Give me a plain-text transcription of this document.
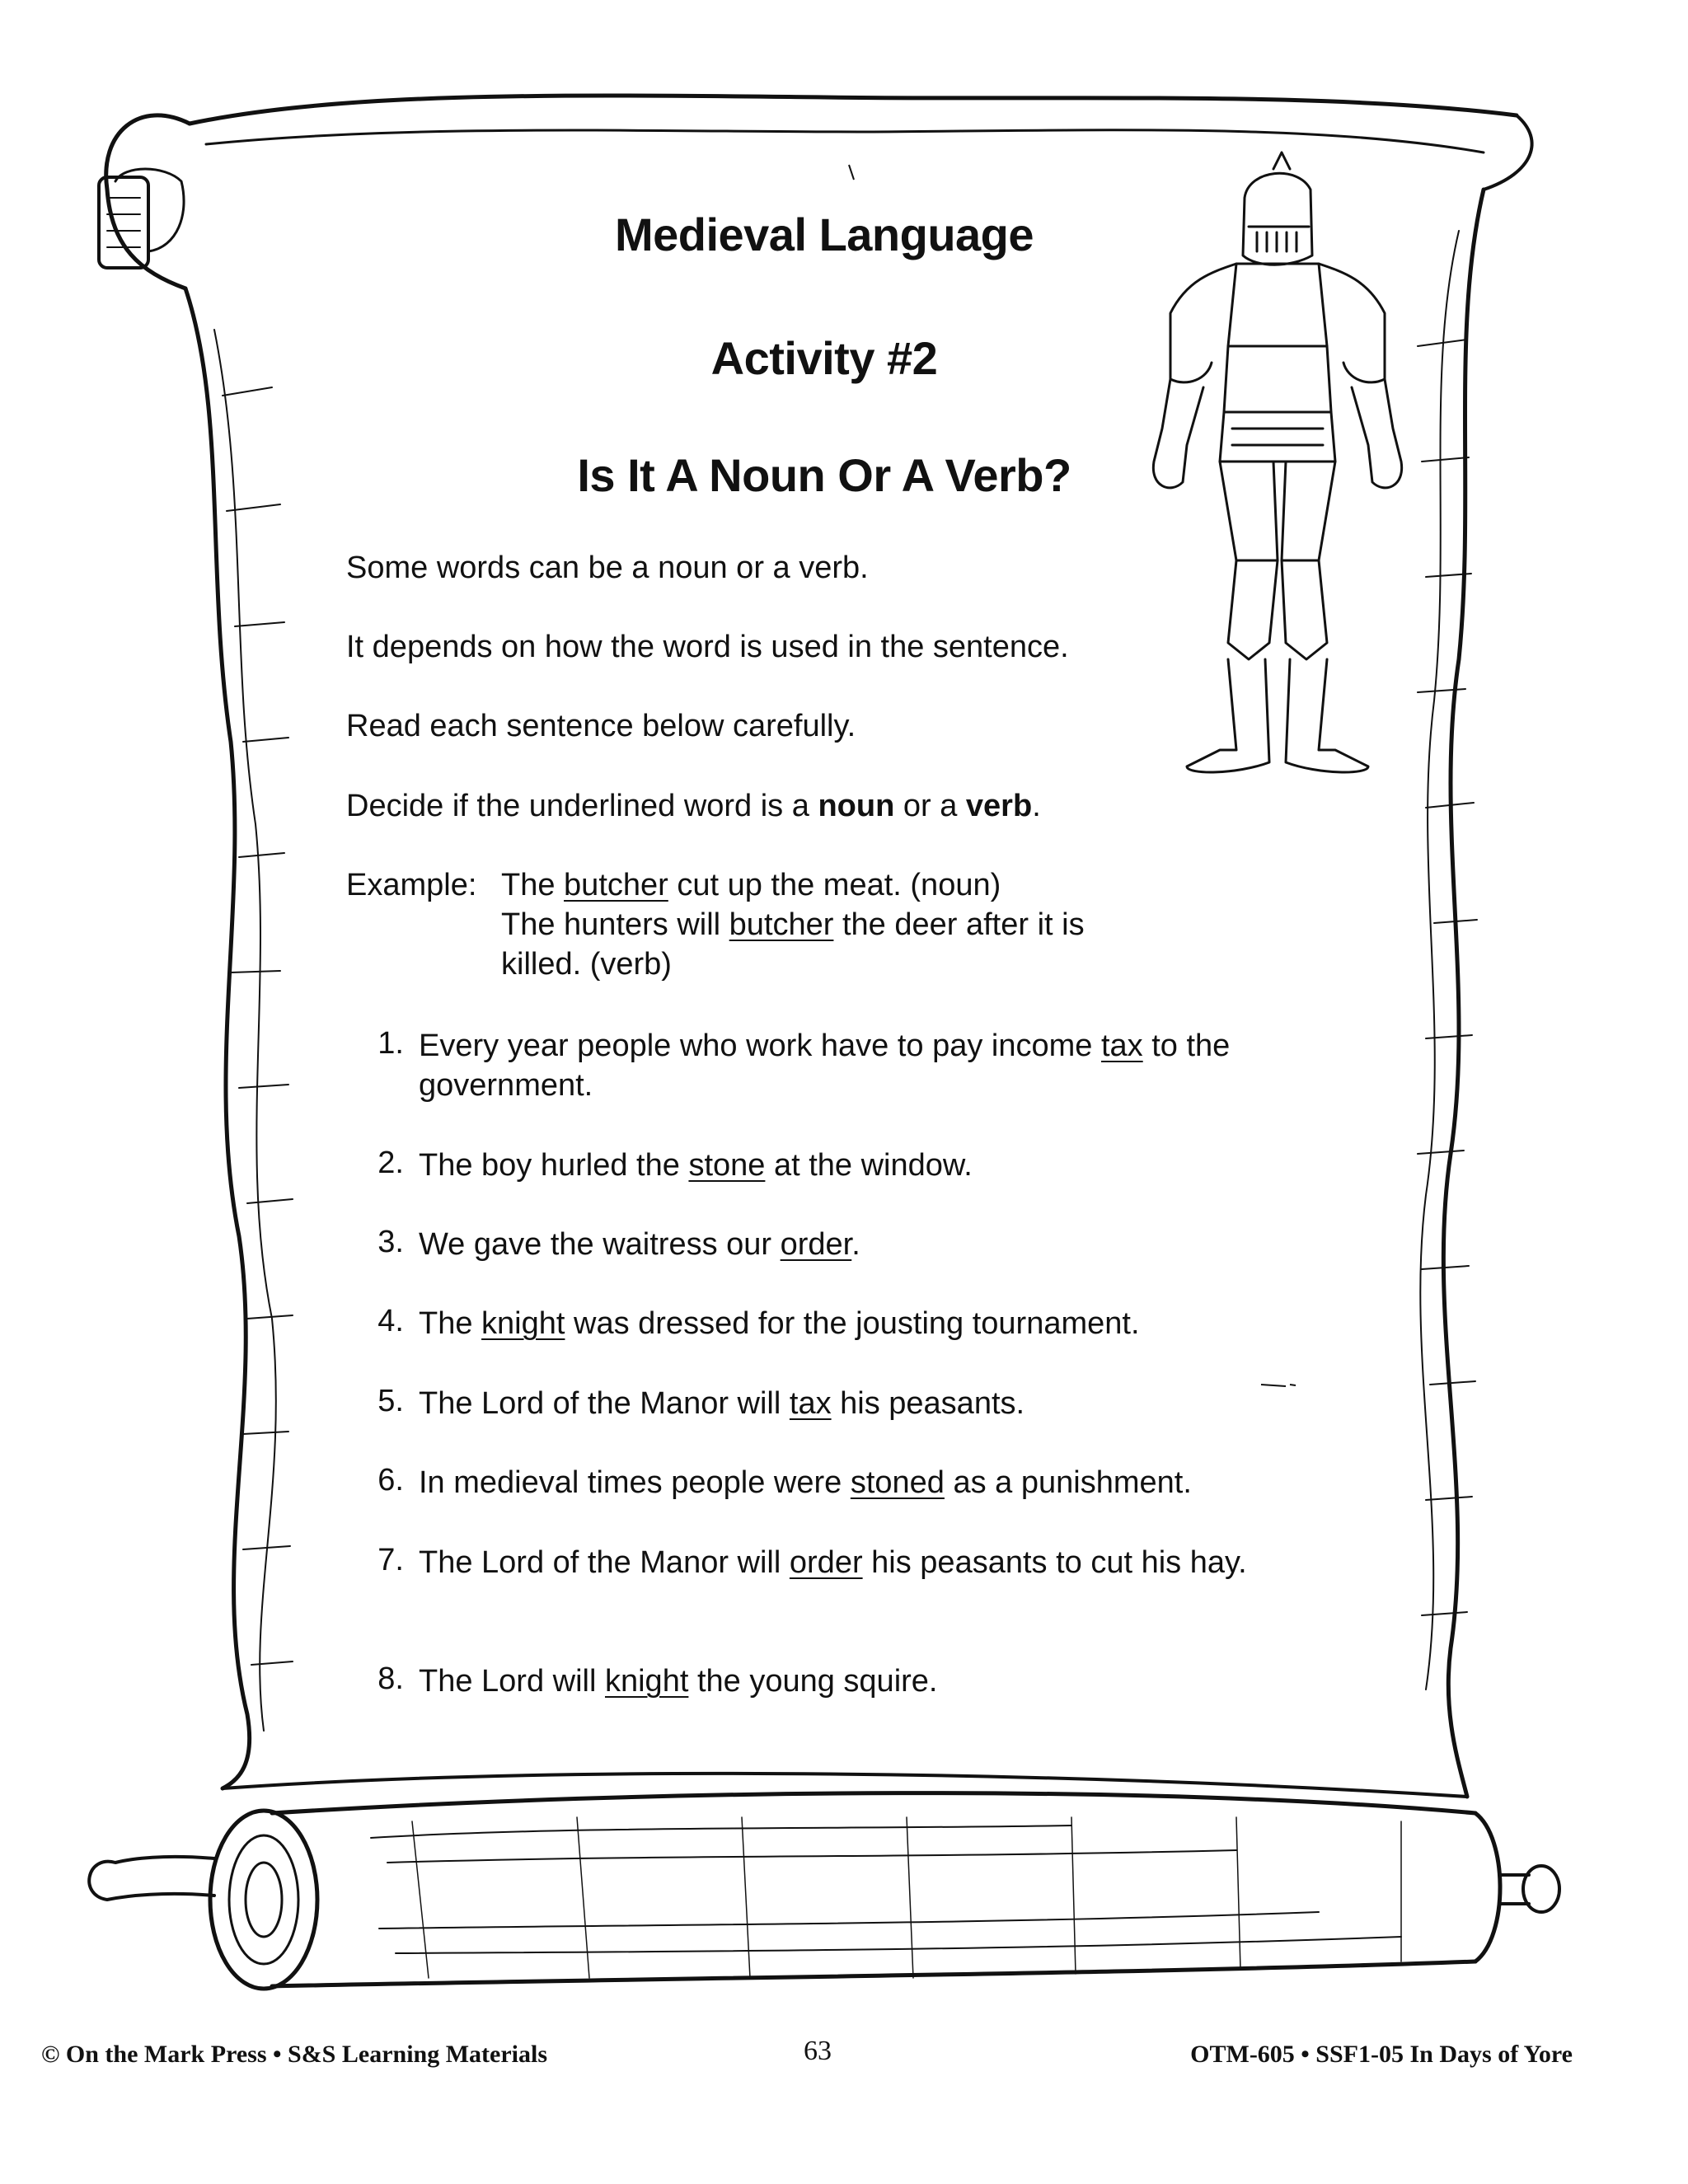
Medieval Language
Activity #2
Is It A Noun Or A Verb?
Some words can be a noun or a verb.
It depends on how the word is used in the sentence.
Read each sentence below carefully.
Decide if the underlined word is a noun or a verb.
Example: The butcher cut up the meat. (noun)
The hunters will butcher the deer after it is
killed. (verb)
1. Every year people who work have to pay income tax to the government.
2. The boy hurled the stone at the window.
3. We gave the waitress our order.
4. The knight was dressed for the jousting tournament.
5. The Lord of the Manor will tax his peasants.
6. In medieval times people were stoned as a punishment.
7. The Lord of the Manor will order his peasants to cut his hay.
8. The Lord will knight the young squire.
© On the Mark Press • S&S Learning Materials	63	OTM-605 • SSF1-05 In Days of Yore
